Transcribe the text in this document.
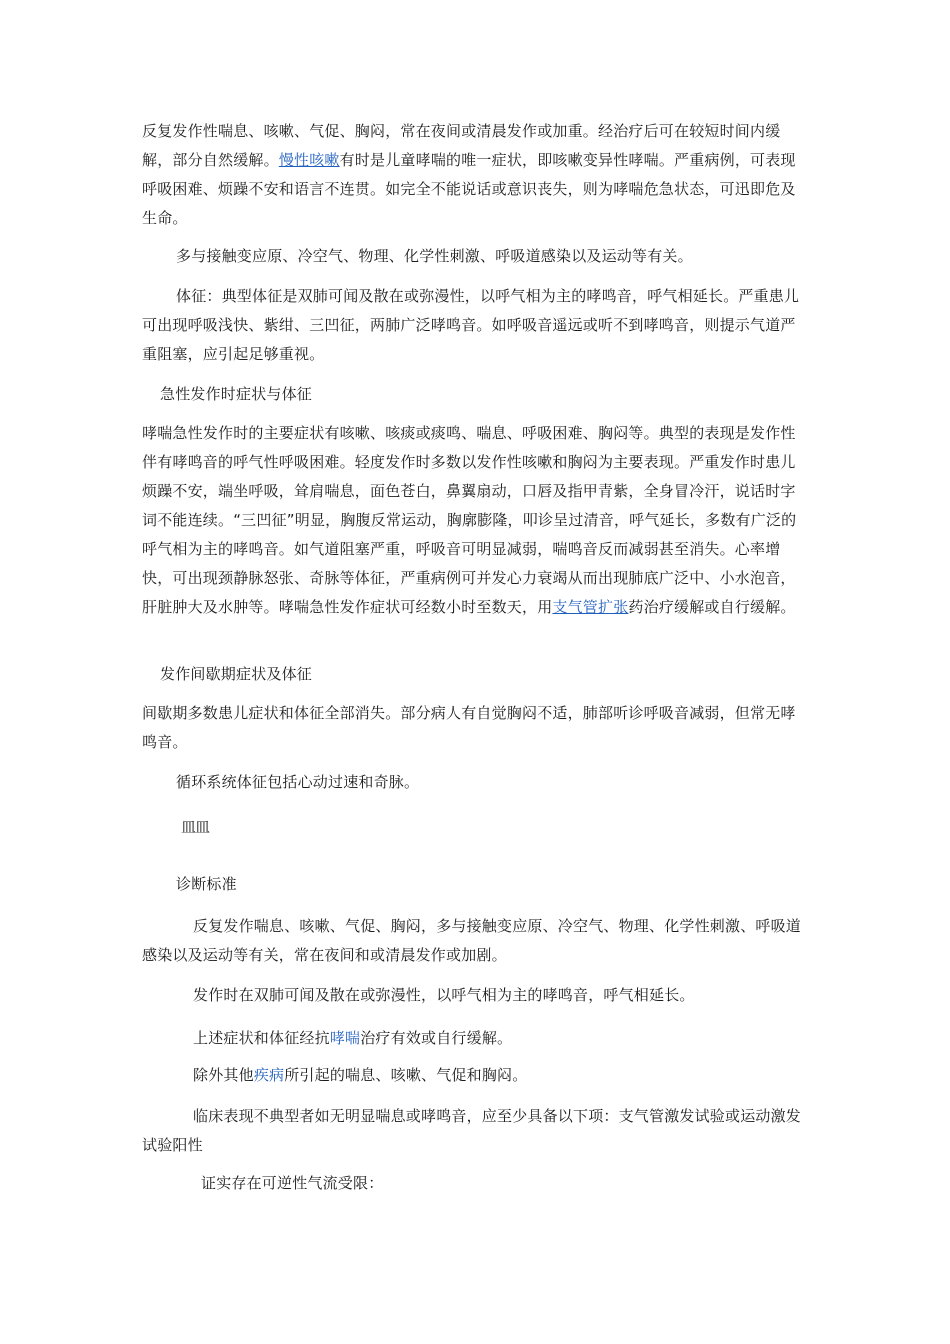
反复发作性喘息、咳嗽、气促、胸闷，常在夜间或清晨发作或加重。经治疗后可在较短时间内缓解，部分自然缓解。慢性咳嗽有时是儿童哮喘的唯一症状，即咳嗽变异性哮喘。严重病例，可表现呼吸困难、烦躁不安和语言不连贯。如完全不能说话或意识丧失，则为哮喘危急状态，可迅即危及生命。

多与接触变应原、冷空气、物理、化学性刺激、呼吸道感染以及运动等有关。

体征：典型体征是双肺可闻及散在或弥漫性，以呼气相为主的哮鸣音，呼气相延长。严重患儿可出现呼吸浅快、紫绀、三凹征，两肺广泛哮鸣音。如呼吸音遥远或听不到哮鸣音，则提示气道严重阻塞，应引起足够重视。

急性发作时症状与体征

哮喘急性发作时的主要症状有咳嗽、咳痰或痰鸣、喘息、呼吸困难、胸闷等。典型的表现是发作性伴有哮鸣音的呼气性呼吸困难。轻度发作时多数以发作性咳嗽和胸闷为主要表现。严重发作时患儿烦躁不安，端坐呼吸，耸肩喘息，面色苍白，鼻翼扇动，口唇及指甲青紫，全身冒冷汗，说话时字词不能连续。“三凹征”明显，胸腹反常运动，胸廓膨隆，叩诊呈过清音，呼气延长，多数有广泛的呼气相为主的哮鸣音。如气道阻塞严重，呼吸音可明显减弱，喘鸣音反而减弱甚至消失。心率增快，可出现颈静脉怒张、奇脉等体征，严重病例可并发心力衰竭从而出现肺底广泛中、小水泡音，肝脏肿大及水肿等。哮喘急性发作症状可经数小时至数天，用支气管扩张药治疗缓解或自行缓解。

发作间歇期症状及体征

间歇期多数患儿症状和体征全部消失。部分病人有自觉胸闷不适，肺部听诊呼吸音减弱，但常无哮鸣音。

循环系统体征包括心动过速和奇脉。

皿皿

诊断标准

反复发作喘息、咳嗽、气促、胸闷，多与接触变应原、冷空气、物理、化学性刺激、呼吸道感染以及运动等有关，常在夜间和或清晨发作或加剧。

发作时在双肺可闻及散在或弥漫性，以呼气相为主的哮鸣音，呼气相延长。

上述症状和体征经抗哮喘治疗有效或自行缓解。

除外其他疾病所引起的喘息、咳嗽、气促和胸闷。

临床表现不典型者如无明显喘息或哮鸣音，应至少具备以下项：支气管激发试验或运动激发试验阳性

证实存在可逆性气流受限：
